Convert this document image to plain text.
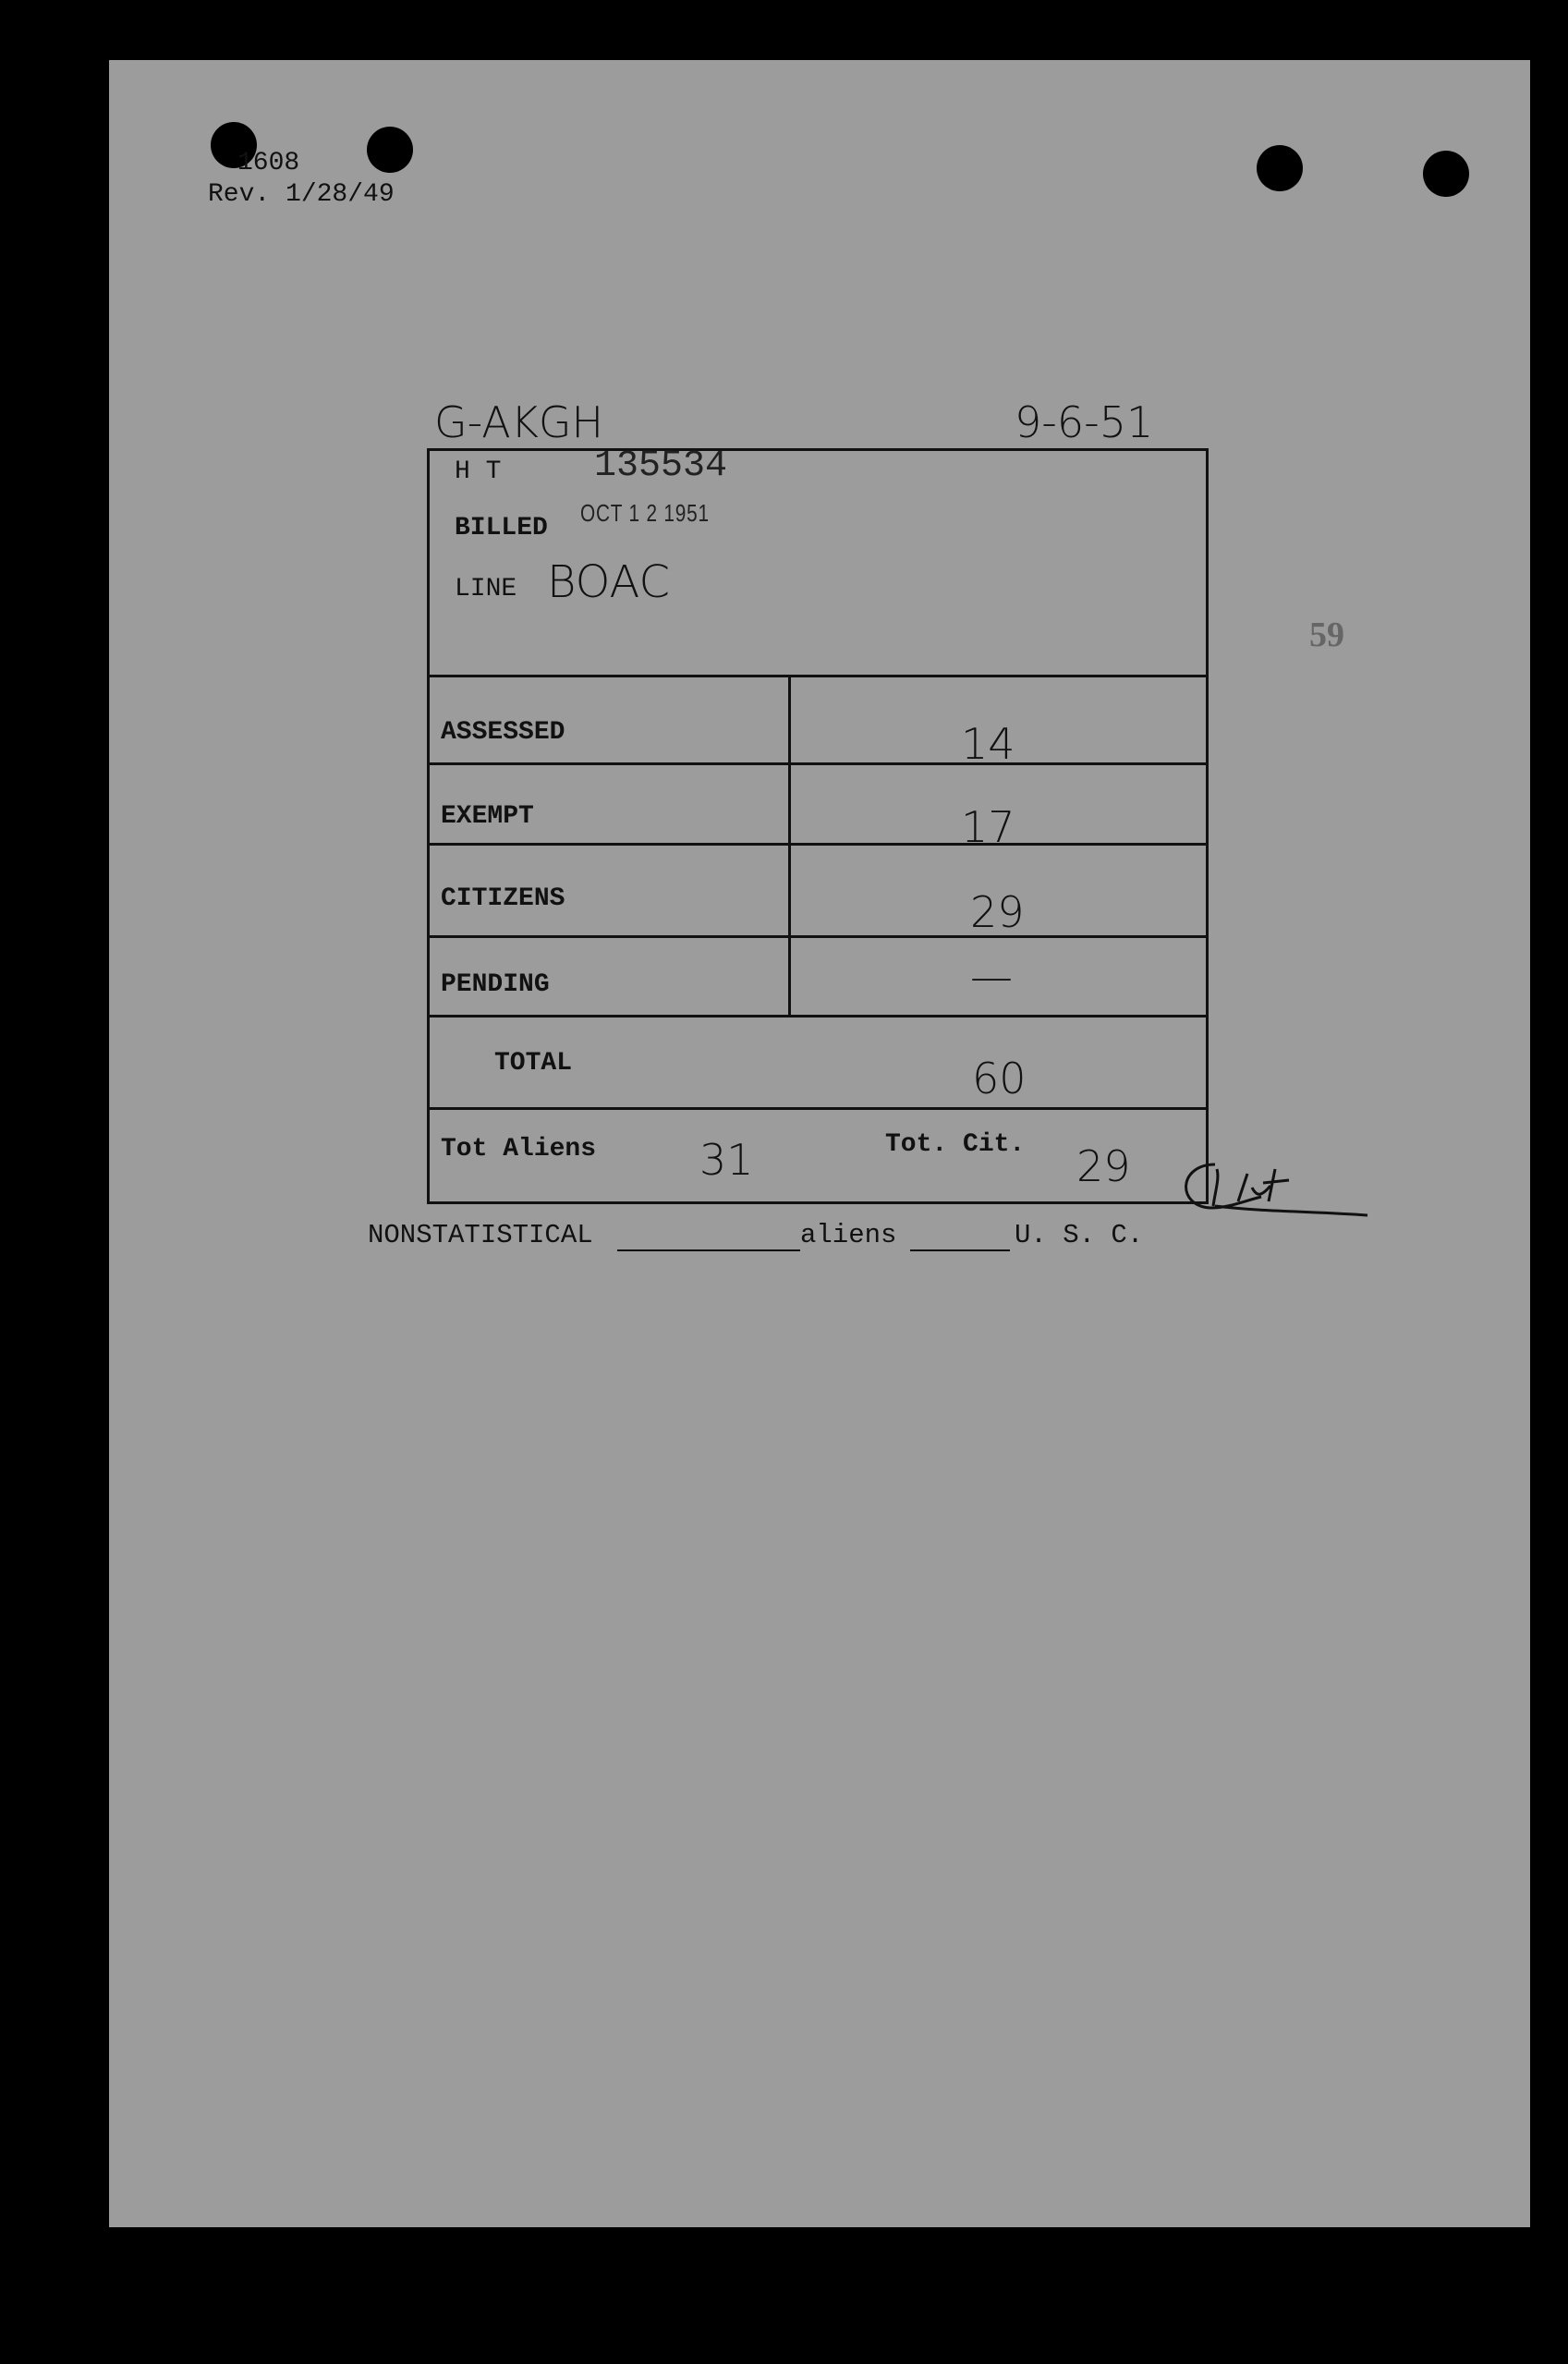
1608
Rev. 1/28/49
G-AKGH	9-6-51
59
H T	135534
BILLED
OCT 1 2 1951
LINE BOAC
ASSESSED	14
EXEMPT	17
CITIZENS	29
PENDING	—
TOTAL	60
Tot Aliens 31	Tot. Cit. 29
NONSTATISTICAL	aliens	U. S. C.
